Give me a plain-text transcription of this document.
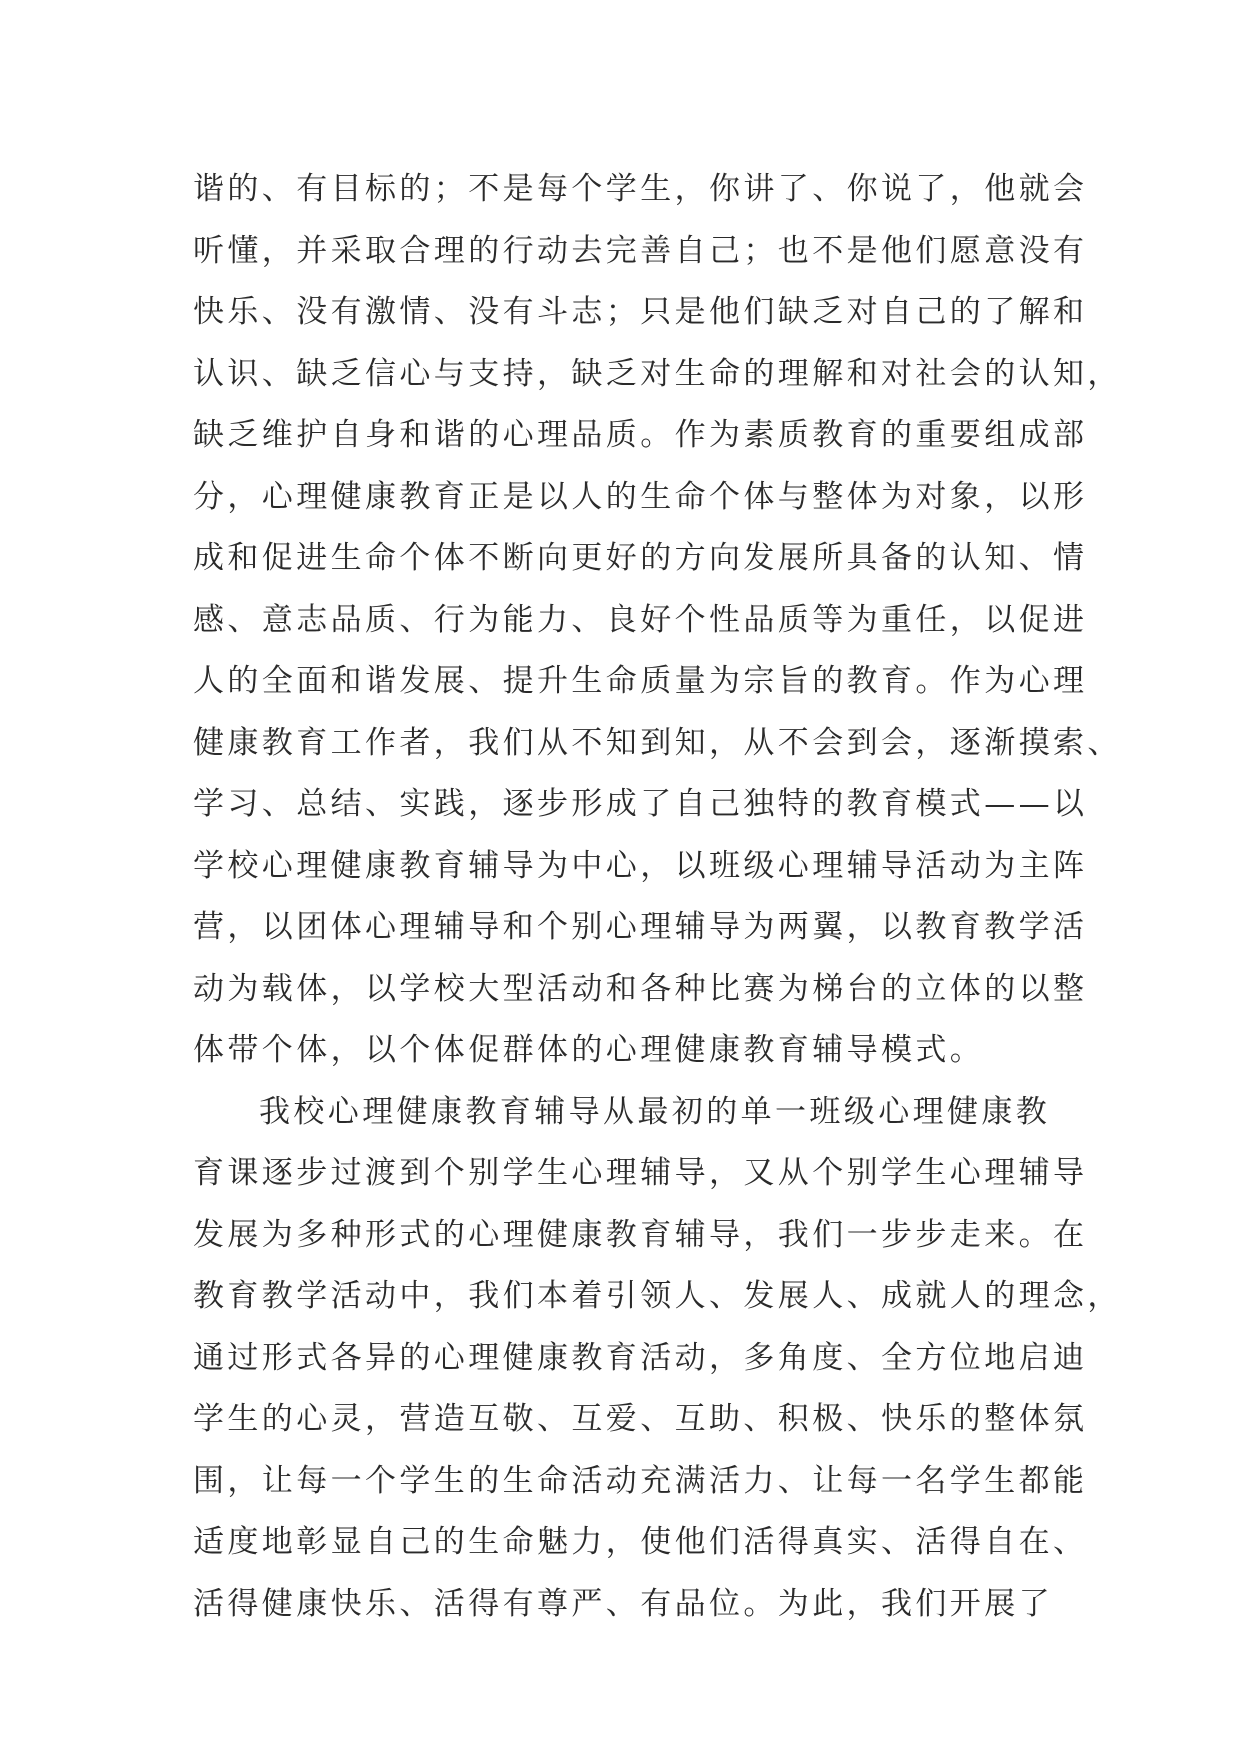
谐的、有目标的；不是每个学生，你讲了、你说了，他就会
听懂，并采取合理的行动去完善自己；也不是他们愿意没有
快乐、没有激情、没有斗志；只是他们缺乏对自己的了解和
认识、缺乏信心与支持，缺乏对生命的理解和对社会的认知，
缺乏维护自身和谐的心理品质。作为素质教育的重要组成部
分，心理健康教育正是以人的生命个体与整体为对象，以形
成和促进生命个体不断向更好的方向发展所具备的认知、情
感、意志品质、行为能力、良好个性品质等为重任，以促进
人的全面和谐发展、提升生命质量为宗旨的教育。作为心理
健康教育工作者，我们从不知到知，从不会到会，逐渐摸索、
学习、总结、实践，逐步形成了自己独特的教育模式——以
学校心理健康教育辅导为中心，以班级心理辅导活动为主阵
营，以团体心理辅导和个别心理辅导为两翼，以教育教学活
动为载体，以学校大型活动和各种比赛为梯台的立体的以整
体带个体，以个体促群体的心理健康教育辅导模式。
我校心理健康教育辅导从最初的单一班级心理健康教
育课逐步过渡到个别学生心理辅导，又从个别学生心理辅导
发展为多种形式的心理健康教育辅导，我们一步步走来。在
教育教学活动中，我们本着引领人、发展人、成就人的理念，
通过形式各异的心理健康教育活动，多角度、全方位地启迪
学生的心灵，营造互敬、互爱、互助、积极、快乐的整体氛
围，让每一个学生的生命活动充满活力、让每一名学生都能
适度地彰显自己的生命魅力，使他们活得真实、活得自在、
活得健康快乐、活得有尊严、有品位。为此，我们开展了
